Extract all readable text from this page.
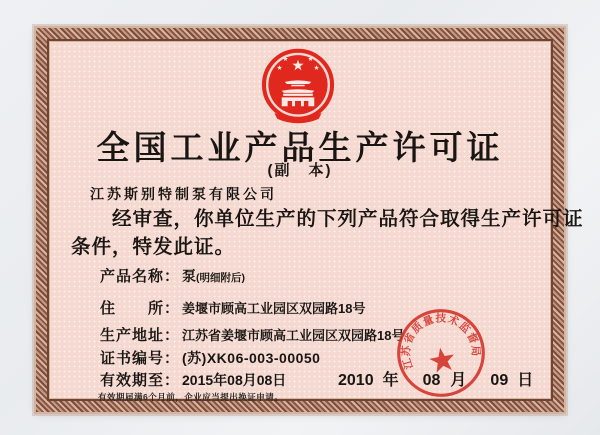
全国工业产品生产许可证
(副　本)
江苏斯别特制泵有限公司
经审查，你单位生产的下列产品符合取得生产许可证
条件，特发此证。
产品名称： 泵(明细附后)
住　　所： 姜堰市顾高工业园区双园路18号
生产地址： 江苏省姜堰市顾高工业园区双园路18号
证书编号： (苏)XK06-003-00050
有效期至： 2015年08月08日
有效期届满6个月前，企业应当提出换证申请。
2010 年 08 月 09 日
江苏省质量技术监督局
